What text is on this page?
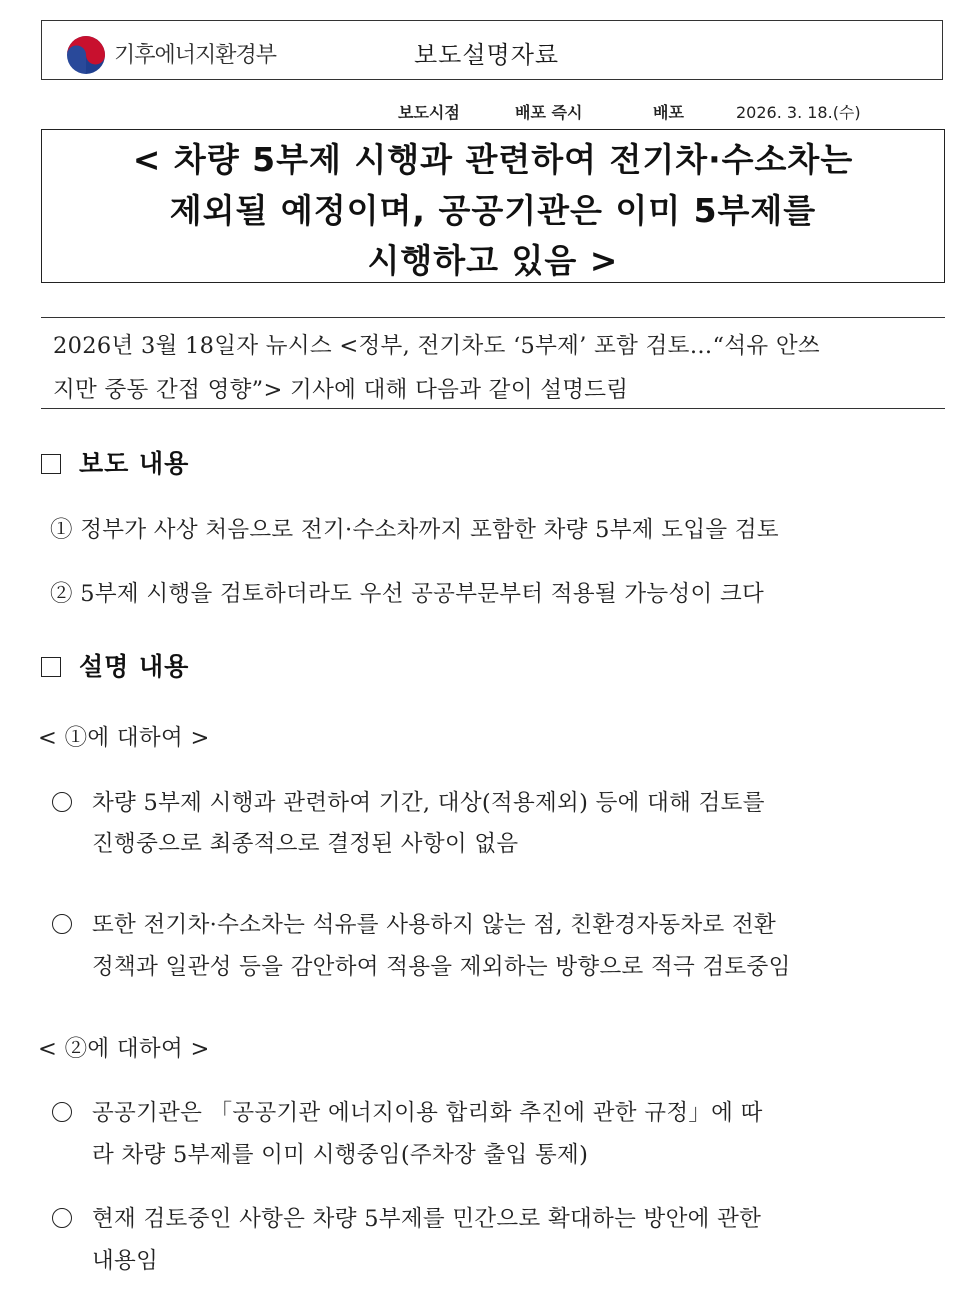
기후에너지환경부	보도설명자료
보도시점	배포 즉시	배포	2026. 3. 18.(수)
< 차량 5부제 시행과 관련하여 전기차·수소차는
제외될 예정이며, 공공기관은 이미 5부제를
시행하고 있음 >
2026년 3월 18일자 뉴시스 <정부, 전기차도 ‘5부제’ 포함 검토…“석유 안쓰
지만 중동 간접 영향”> 기사에 대해 다음과 같이 설명드림
보도 내용
① 정부가 사상 처음으로 전기·수소차까지 포함한 차량 5부제 도입을 검토
② 5부제 시행을 검토하더라도 우선 공공부문부터 적용될 가능성이 크다
설명 내용
< ①에 대하여 >
차량 5부제 시행과 관련하여 기간, 대상(적용제외) 등에 대해 검토를
진행중으로 최종적으로 결정된 사항이 없음
또한 전기차·수소차는 석유를 사용하지 않는 점, 친환경자동차로 전환
정책과 일관성 등을 감안하여 적용을 제외하는 방향으로 적극 검토중임
< ②에 대하여 >
공공기관은 「공공기관 에너지이용 합리화 추진에 관한 규정」에 따
라 차량 5부제를 이미 시행중임(주차장 출입 통제)
현재 검토중인 사항은 차량 5부제를 민간으로 확대하는 방안에 관한
내용임
